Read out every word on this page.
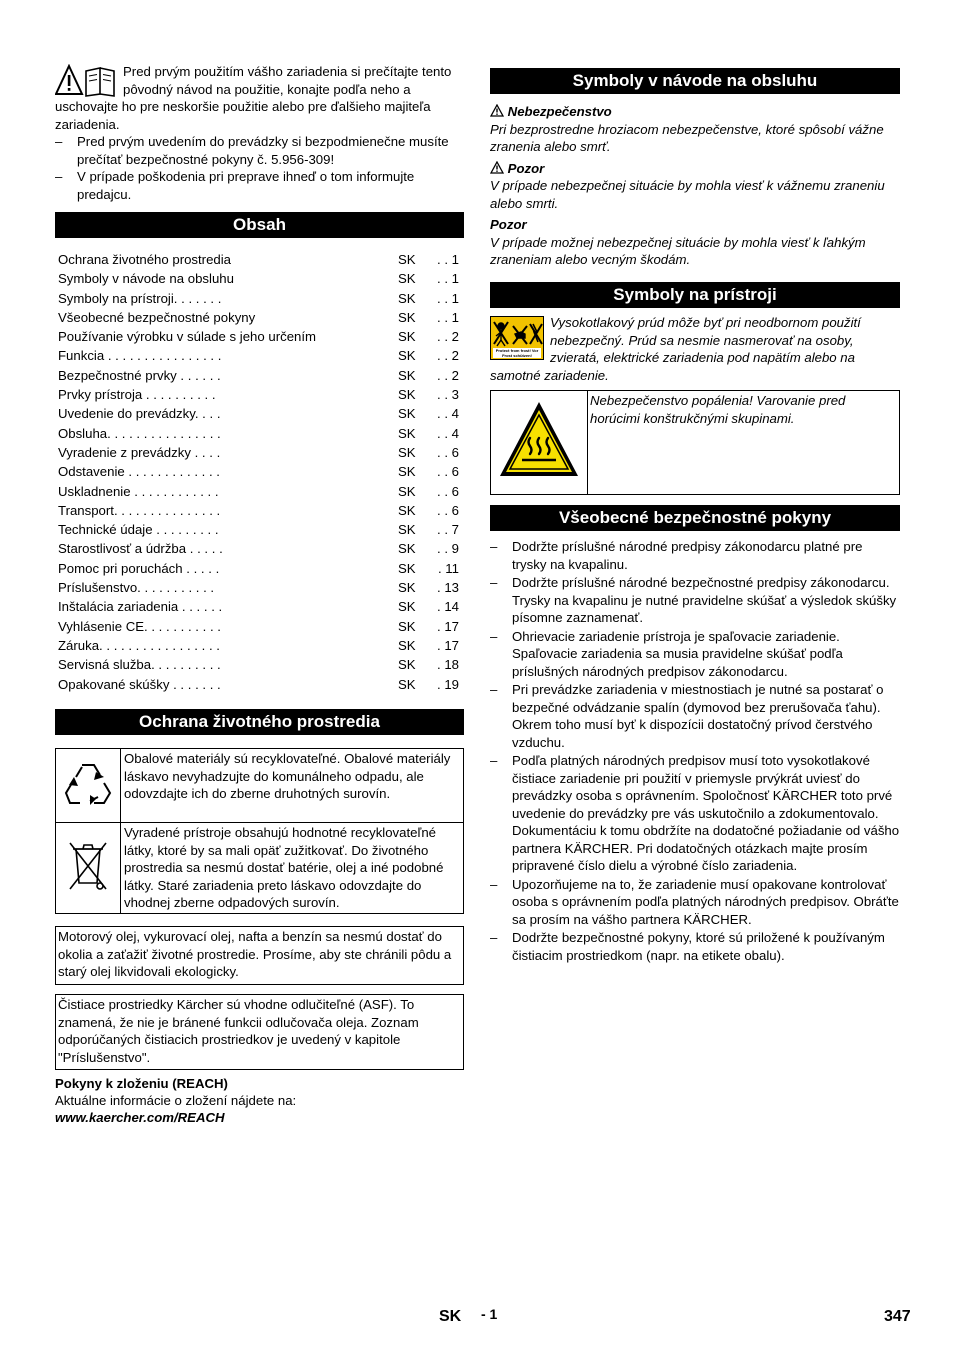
Pred prvým použitím vášho zariadenia si prečítajte tento pôvodný návod na použitie, konajte podľa neho a uschovajte ho pre neskoršie použitie alebo pre ďalšieho majiteľa zariadenia.
– Pred prvým uvedením do prevádzky si bezpodmienečne musíte prečítať bezpečnostné pokyny č. 5.956-309!
– V prípade poškodenia pri preprave ihneď o tom informujte predajcu.
Obsah
Ochrana životného prostredia	SK . . 1
Symboly v návode na obsluhu	SK . . 1
Symboly na prístroji. . . . . . .	SK . . 1
Všeobecné bezpečnostné pokyny	SK . . 1
Používanie výrobku v súlade s jeho určením	SK . . 2
Funkcia . . . . . . . . . . . . . . . .	SK . . 2
Bezpečnostné prvky . . . . . .	SK . . 2
Prvky prístroja . . . . . . . . . .	SK . . 3
Uvedenie do prevádzky. . . .	SK . . 4
Obsluha. . . . . . . . . . . . . . . .	SK . . 4
Vyradenie z prevádzky . . . .	SK . . 6
Odstavenie . . . . . . . . . . . . .	SK . . 6
Uskladnenie . . . . . . . . . . . .	SK . . 6
Transport. . . . . . . . . . . . . . .	SK . . 6
Technické údaje . . . . . . . . .	SK . . 7
Starostlivosť a údržba . . . . .	SK . . 9
Pomoc pri poruchách . . . . .	SK . 11
Príslušenstvo. . . . . . . . . . .	SK . 13
Inštalácia zariadenia . . . . . .	SK . 14
Vyhlásenie CE. . . . . . . . . . .	SK . 17
Záruka. . . . . . . . . . . . . . . . .	SK . 17
Servisná služba. . . . . . . . . .	SK . 18
Opakované skúšky . . . . . . .	SK . 19
Ochrana životného prostredia
	Obalové materiály sú recyklovateľné. Obalové materiály láskavo nevyhadzujte do komunálneho odpadu, ale odovzdajte ich do zberne druhotných surovín.
	Vyradené prístroje obsahujú hodnotné recyklovateľné látky, ktoré by sa mali opäť zužitkovať. Do životného prostredia sa nesmú dostať batérie, olej a iné podobné látky. Staré zariadenia preto láskavo odovzdajte do vhodnej zberne odpadových surovín.
Motorový olej, vykurovací olej, nafta a benzín sa nesmú dostať do okolia a zaťažiť životné prostredie. Prosíme, aby ste chránili pôdu a starý olej likvidovali ekologicky.
Čistiace prostriedky Kärcher sú vhodne odlučiteľné (ASF). To znamená, že nie je bránené funkcii odlučovača oleja. Zoznam odporúčaných čistiacich prostriedkov je uvedený v kapitole "Príslušenstvo".
Pokyny k zloženiu (REACH)
Aktuálne informácie o zložení nájdete na:
www.kaercher.com/REACH
Symboly v návode na obsluhu
Nebezpečenstvo
Pri bezprostredne hroziacom nebezpečenstve, ktoré spôsobí vážne zranenia alebo smrť.
Pozor
V prípade nebezpečnej situácie by mohla viesť k vážnemu zraneniu alebo smrti.
Pozor
V prípade možnej nebezpečnej situácie by mohla viesť k ľahkým zraneniam alebo vecným škodám.
Symboly na prístroji
Protect from frost! Vor Frost schützen!
Vysokotlakový prúd môže byť pri neodbornom použití nebezpečný. Prúd sa nesmie nasmerovať na osoby, zvieratá, elektrické zariadenia pod napätím alebo na samotné zariadenie.
	Nebezpečenstvo popálenia! Varovanie pred horúcimi konštrukčnými skupinami.
Všeobecné bezpečnostné pokyny
– Dodržte príslušné národné predpisy zákonodarcu platné pre trysky na kvapalinu.
– Dodržte príslušné národné bezpečnostné predpisy zákonodarcu. Trysky na kvapalinu je nutné pravidelne skúšať a výsledok skúšky písomne zaznamenať.
– Ohrievacie zariadenie prístroja je spaľovacie zariadenie. Spaľovacie zariadenia sa musia pravidelne skúšať podľa príslušných národných predpisov zákonodarcu.
– Pri prevádzke zariadenia v miestnostiach je nutné sa postarať o bezpečné odvádzanie spalín (dymovod bez prerušovača ťahu). Okrem toho musí byť k dispozícii dostatočný prívod čerstvého vzduchu.
– Podľa platných národných predpisov musí toto vysokotlakové čistiace zariadenie pri použití v priemysle prvýkrát uviesť do prevádzky osoba s oprávnením. Spoločnosť KÄRCHER toto prvé uvedenie do prevádzky pre vás uskutočnilo a zdokumentovalo. Dokumentáciu k tomu obdržíte na dodatočné požiadanie od vášho partnera KÄRCHER. Pri dodatočných otázkach majte prosím pripravené číslo dielu a výrobné číslo zariadenia.
– Upozorňujeme na to, že zariadenie musí opakovane kontrolovať osoba s oprávnením podľa platných národných predpisov. Obráťte sa prosím na vášho partnera KÄRCHER.
– Dodržte bezpečnostné pokyny, ktoré sú priložené k používaným čistiacim prostriedkom (napr. na etikete obalu).
SK - 1	347
